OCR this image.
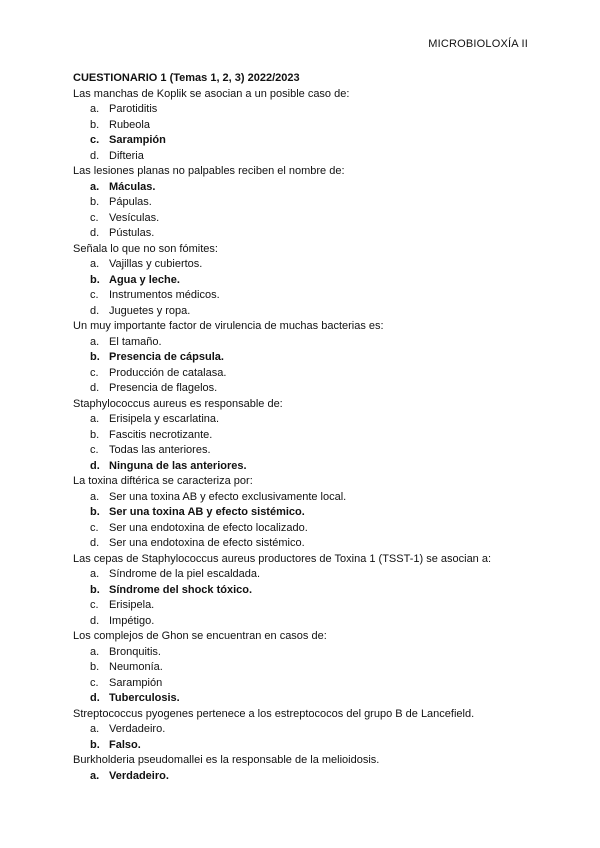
MICROBIOLOXÍA II
CUESTIONARIO 1 (Temas 1, 2, 3) 2022/2023
Las manchas de Koplik se asocian a un posible caso de:
a. Parotiditis
b. Rubeola
c. Sarampión
d. Difteria
Las lesiones planas no palpables reciben el nombre de:
a. Máculas.
b. Pápulas.
c. Vesículas.
d. Pústulas.
Señala lo que no son fómites:
a. Vajillas y cubiertos.
b. Agua y leche.
c. Instrumentos médicos.
d. Juguetes y ropa.
Un muy importante factor de virulencia de muchas bacterias es:
a. El tamaño.
b. Presencia de cápsula.
c. Producción de catalasa.
d. Presencia de flagelos.
Staphylococcus aureus es responsable de:
a. Erisipela y escarlatina.
b. Fascitis necrotizante.
c. Todas las anteriores.
d. Ninguna de las anteriores.
La toxina diftérica se caracteriza por:
a. Ser una toxina AB y efecto exclusivamente local.
b. Ser una toxina AB y efecto sistémico.
c. Ser una endotoxina de efecto localizado.
d. Ser una endotoxina de efecto sistémico.
Las cepas de Staphylococcus aureus productores de Toxina 1 (TSST-1) se asocian a:
a. Síndrome de la piel escaldada.
b. Síndrome del shock tóxico.
c. Erisipela.
d. Impétigo.
Los complejos de Ghon se encuentran en casos de:
a. Bronquitis.
b. Neumonía.
c. Sarampión
d. Tuberculosis.
Streptococcus pyogenes pertenece a los estreptococos del grupo B de Lancefield.
a. Verdadeiro.
b. Falso.
Burkholderia pseudomallei es la responsable de la melioidosis.
a. Verdadeiro.
